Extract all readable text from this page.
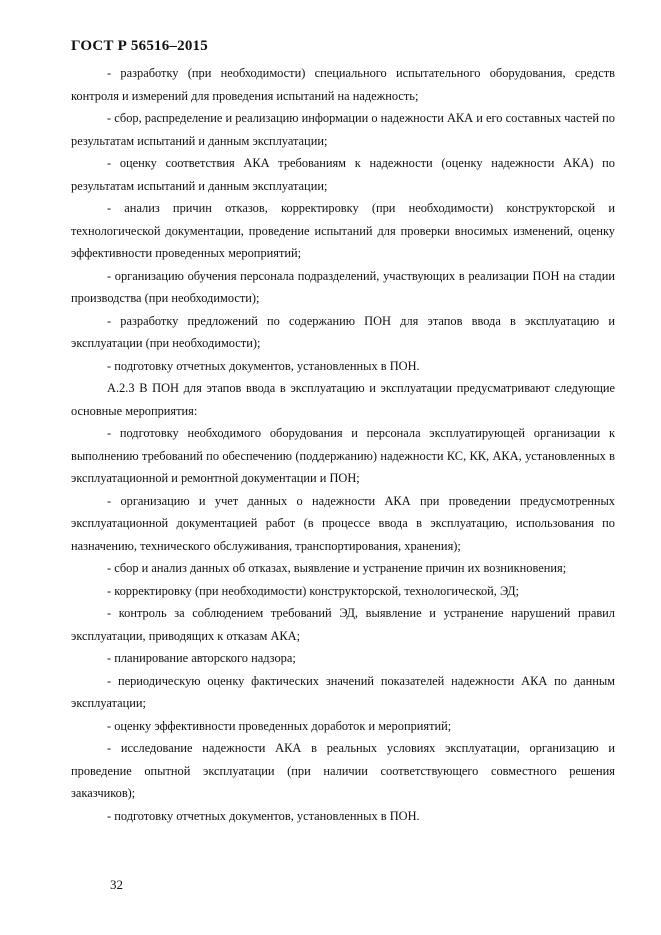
ГОСТ Р 56516–2015

- разработку (при необходимости) специального испытательного оборудования, средств контроля и измерений для проведения испытаний на надежность;

- сбор, распределение и реализацию информации о надежности АКА и его составных частей по результатам испытаний и данным эксплуатации;

- оценку соответствия АКА требованиям к надежности (оценку надежности АКА) по результатам испытаний и данным эксплуатации;

- анализ причин отказов, корректировку (при необходимости) конструкторской и технологической документации, проведение испытаний для проверки вносимых изменений, оценку эффективности проведенных мероприятий;

- организацию обучения персонала подразделений, участвующих в реализации ПОН на стадии производства (при необходимости);

- разработку предложений по содержанию ПОН для этапов ввода в эксплуатацию и эксплуатации (при необходимости);

- подготовку отчетных документов, установленных в ПОН.

А.2.3 В ПОН для этапов ввода в эксплуатацию и эксплуатации предусматривают следующие основные мероприятия:

- подготовку необходимого оборудования и персонала эксплуатирующей организации к выполнению требований по обеспечению (поддержанию) надежности КС, КК, АКА, установленных в эксплуатационной и ремонтной документации и ПОН;

- организацию и учет данных о надежности АКА при проведении предусмотренных эксплуатационной документацией работ (в процессе ввода в эксплуатацию, использования по назначению, технического обслуживания, транспортирования, хранения);

- сбор и анализ данных об отказах, выявление и устранение причин их возникновения;

- корректировку (при необходимости) конструкторской, технологической, ЭД;

- контроль за соблюдением требований ЭД, выявление и устранение нарушений правил эксплуатации, приводящих к отказам АКА;

- планирование авторского надзора;

- периодическую оценку фактических значений показателей надежности АКА по данным эксплуатации;

- оценку эффективности проведенных доработок и мероприятий;

- исследование надежности АКА в реальных условиях эксплуатации, организацию и проведение опытной эксплуатации (при наличии соответствующего совместного решения заказчиков);

- подготовку отчетных документов, установленных в ПОН.

32
